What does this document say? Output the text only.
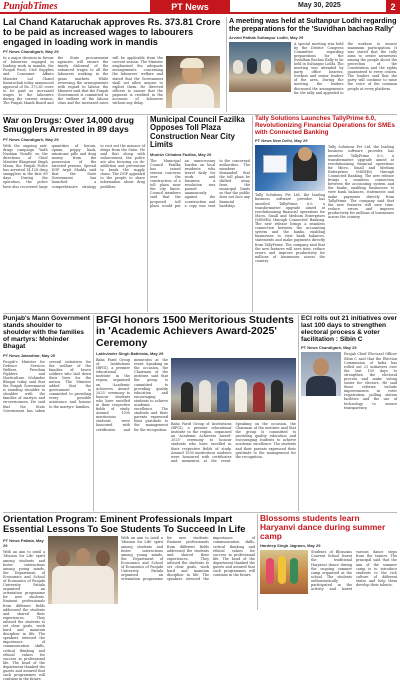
PunjabTimes	PT News	May 30, 2025	2
Lal Chand Kataruchak approves Rs. 373.81 Crore to be paid as increased wages to labourers engaged in loading work in mandis
PT News Chandigarh, May 29
In a major decision in favour of labourers engaged in loading work in mandis, the Punjab Food, Civil Supplies and Consumer Affairs Minister Lal Chand Kataruchak today announced approval of Rs. 373.81 crore to be paid as increased wages to the labourers during the current session. The Punjab Mandi Board and the State procurement agencies will ensure the timely disbursal of the enhanced wages to all the labourers working in the grain markets. While reviewing the arrangements with regard to labour, the Minister said that the Punjab Government is committed to the welfare of the labour class and the increased rates will be applicable from the current season. The Minister emphasised the adequate arrangements concerning the labourers' welfare and stated that the Government shall not allow anyone to exploit them. He directed officers to ensure that the payment is credited in the accounts of labourers without any delay.
A meeting was held at Sultanpur Lodhi regarding the preparations for the 'Suvidhan bachao Rally'
Arvind Pathak Sultanpur Lodhi, May 29
A special meeting was held by the District Congress Committee regarding preparations for the Suvidhan Bachao Rally to be held in Sultanpur Lodhi. The meeting was attended by party office bearers, workers and senior leaders of the area. During the meeting the leaders discussed the arrangements for the rally and appealed to the workers to ensure maximum participation. It was stated that the rally aims to create awareness among the people about the protection of the Constitution and the rights guaranteed to every citizen. The leaders said that the party will continue to raise the voice of the common people at every platform.
War on Drugs: Over 14,000 drug Smugglers Arrested in 89 days
PT News Chandigarh, May 29
With the ongoing anti-drugs campaign 'Yudh Nashian Virudh' on the directions of Chief Minister Bhagwant Singh Mann, the Punjab Police has arrested 14,128 drug smugglers in the first 89 days. During the operation, the police have also recovered large quantities of heroin, opium, poppy husk, intoxicant pills and drug money from the possession of the arrested persons. Special DGP Arpit Shukla said that the State Government has launched a comprehensive strategy to root out the menace of drugs from the State. He said that along with enforcement, the police are also focusing on de-addiction and prevention to break the supply chain. The DGP appealed to the people to share information about drug peddlers.
Municipal Council Fazilka Opposes Toll Plaza Construction Near City Limits
Munish Chhabra Fazilka, May 29
The Municipal Council Fazilka has raised serious concerns over the construction of a toll plaza near the city limits. Council members said that the proposed toll plaza would put an unnecessary burden on local residents who travel daily for work and business. A resolution was passed unanimously against the construction and a copy was sent to the concerned authorities. The members demanded that the toll plaza be shifted away from the municipal limits so that the public does not face any financial hardship.
Tally Solutions Launches TallyPrime 6.0, Revolutionizing Financial Operations for SMEs with Connected Banking
PT News New Delhi, May 29
Tally Solutions Pvt Ltd, the leading business software provider, has unveiled TallyPrime 6.0, a transformative upgrade aimed at revolutionizing financial operations for Micro, Small and Medium Enterprises (MSMEs) through Connected Banking. The new release brings a seamless connection between the accounting system and the banks, enabling businesses to view bank balances, statements and make payments directly from TallyPrime. The company said that the new features will save time, reduce errors and improve productivity for millions of businesses across the country.
Tally Solutions Pvt Ltd, the leading business software provider, has unveiled TallyPrime 6.0, a transformative upgrade aimed at revolutionizing financial operations for Micro, Small and Medium Enterprises (MSMEs) through Connected Banking. The new release brings a seamless connection between the accounting system and the banks, enabling businesses to view bank balances, statements and make payments directly from TallyPrime. The company said that the new features will save time, reduce errors and improve productivity for millions of businesses across the country.
Punjab's Mann Government stands shoulder to shoulder with the families of martyrs: Mohinder Bhagat
PT News Jalandhar, May 29
Punjab's Minister for Defence Services Welfare, Freedom Fighters and Horticulture Mohinder Bhagat today said that the Punjab Government is standing shoulder to shoulder with the families of martyrs and ex-servicemen. He said that the State Government has taken several initiatives for the welfare of the families of brave soldiers who laid down their lives for the nation. The Minister added that the government is committed to providing every possible assistance and honour to the martyrs' families.
BFGI honors 1500 Meritorious Students in 'Academic Achievers Award-2025' Ceremony
Lakhvinder Singh Bathinda, May 29
Baba Farid Group of Institutions (BFGI), a premier educational institute in the region, organised an 'Academic Achievers Award-2025' ceremony to honour students who have excelled in their respective fields of study. Around 1500 meritorious students were honoured with certificates and mementos at the event. Speaking on the occasion, the Chairman of the institute said that the group is committed to providing quality education and encouraging students to achieve academic excellence. The students and their parents expressed their gratitude to the management for the recognition.
Baba Farid Group of Institutions (BFGI), a premier educational institute in the region, organised an 'Academic Achievers Award-2025' ceremony to honour students who have excelled in their respective fields of study. Around 1500 meritorious students were honoured with certificates and mementos at the event. Speaking on the occasion, the Chairman of the institute said that the group is committed to providing quality education and encouraging students to achieve academic excellence. The students and their parents expressed their gratitude to the management for the recognition.
ECI rolls out 21 initiatives over last 100 days to strengthen electoral process & voter facilitation : Sibin C
PT News Chandigarh, May 29
Punjab Chief Electoral Officer Sibin C said that the Election Commission of India has rolled out 21 initiatives over the last 100 days to strengthen the electoral process and make voting easier for electors. He said these reforms include improvements in voter registration, polling station facilities and the use of technology to ensure transparency.
Orientation Program: Eminent Professionals Impart Essential Lessons To Soe Students To Succeed In Life
PT News Patiala, May 29
With an aim to instil a 'Mission for Life' spirit among students and foster interactions among young minds, the Department of Economics and School of Economics of Punjabi University Patiala organised an orientation programme for new students. Eminent professionals from different fields addressed the students and shared their experiences. They advised the students to set clear goals, work hard and maintain discipline in life. The speakers stressed the importance of communication skills, critical thinking and ethical values for success in professional life. The head of the department thanked the guests and assured that such programmes will continue in the future.
With an aim to instil a 'Mission for Life' spirit among students and foster interactions among young minds, the Department of Economics and School of Economics of Punjabi University Patiala organised an orientation programme for new students. Eminent professionals from different fields addressed the students and shared their experiences. They advised the students to set clear goals, work hard and maintain discipline in life. The speakers stressed the importance of communication skills, critical thinking and ethical values for success in professional life. The head of the department thanked the guests and assured that such programmes will continue in the future.
Blossoms students learn Haryanvi dance during summer camp
Hardeep Singh Jagraon, May 29
Students of Blossoms Convent School learnt the traditional Haryanvi dance during the ongoing summer camp organised at the school. The students enthusiastically participated in the activity and learnt various dance steps from the trainer. The principal said that the aim of the summer camp is to introduce students to the rich culture of different states and help them develop their talents.
